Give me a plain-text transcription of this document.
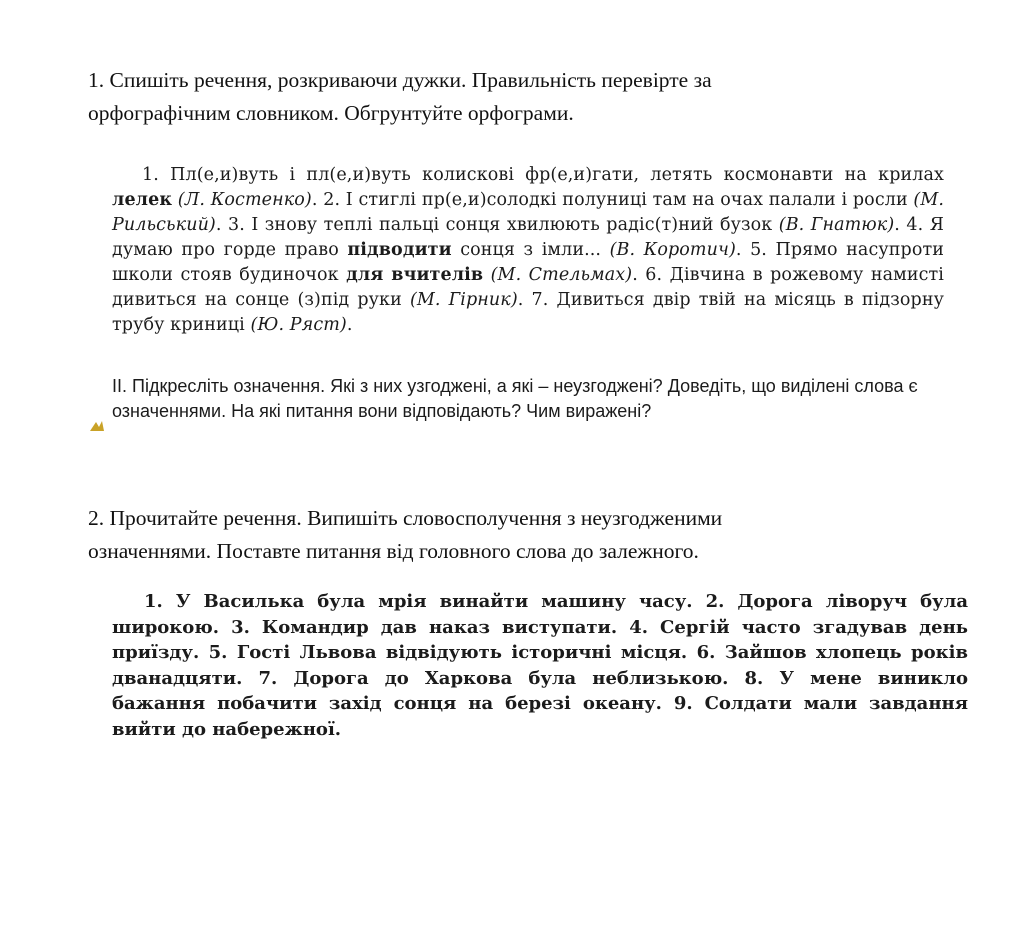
1. Спишіть речення, розкриваючи дужки. Правильність перевірте за
орфографічним словником. Обгрунтуйте орфограми.

1. Пл(е,и)вуть і пл(е,и)вуть колискові фр(е,и)гати, летять космонавти на крилах лелек (Л. Костенко). 2. І стиглі пр(е,и)солодкі полуниці там на очах палали і росли (М. Рильський). 3. І знову теплі пальці сонця хвилюють радіс(т)ний бузок (В. Гнатюк). 4. Я думаю про горде право підводити сонця з імли... (В. Коротич). 5. Прямо насупроти школи стояв будиночок для вчителів (М. Стельмах). 6. Дівчина в рожевому намисті дивиться на сонце (з)під руки (М. Гірник). 7. Дивиться двір твій на місяць в підзорну трубу криниці (Ю. Ряст).

ІІ. Підкресліть означення. Які з них узгоджені, а які – неузгоджені? Доведіть, що виділені слова є означеннями. На які питання вони відповідають? Чим виражені?
2. Прочитайте речення. Випишіть словосполучення з неузгодженими
означеннями. Поставте питання від головного слова до залежного.

1. У Василька була мрія винайти машину часу. 2. Дорога ліворуч була широкою. 3. Командир дав наказ виступати. 4. Сергій часто згадував день приїзду. 5. Гості Львова відвідують історичні місця. 6. Зайшов хлопець років дванадцяти. 7. Дорога до Харкова була неблизькою. 8. У мене виникло бажання побачити захід сонця на березі океану. 9. Солдати мали завдання вийти до набережної.
